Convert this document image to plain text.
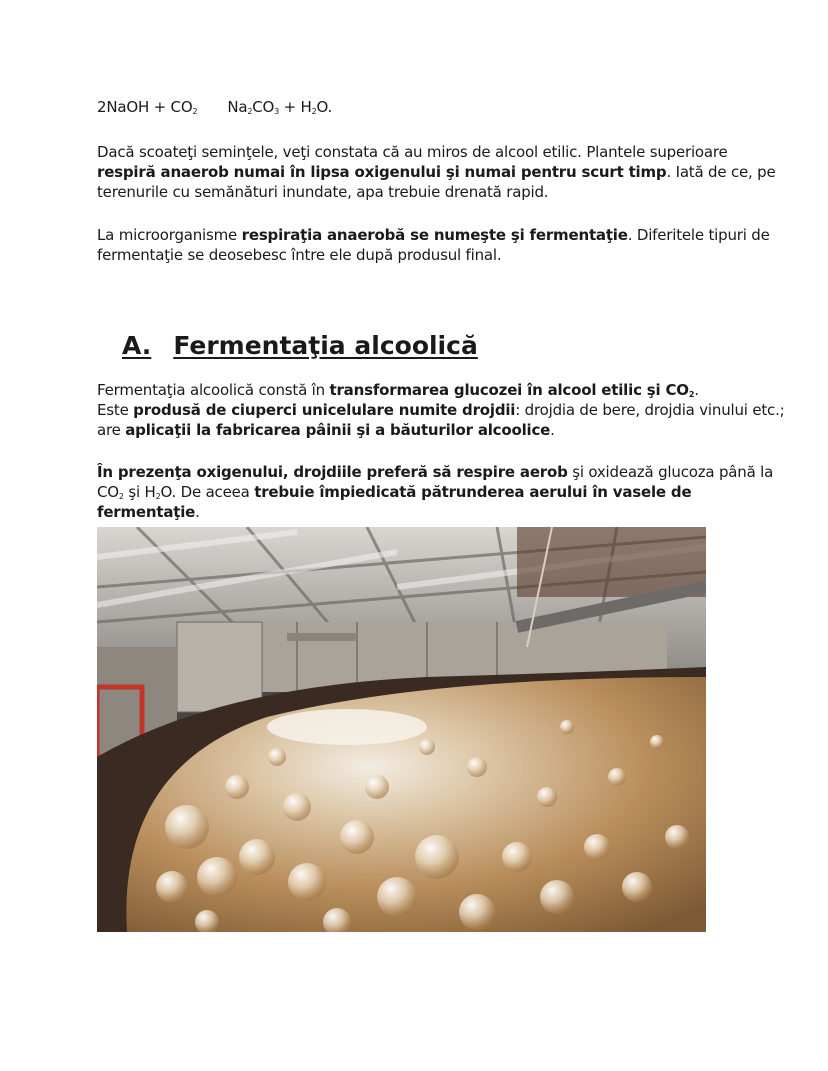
2NaOH + $CO_2$ $Na_2CO_3 + H_2O$.
Dacă scoateţi seminţele, veţi constata că au miros de alcool etilic. Plantele superioare respiră anaerob numai în lipsa oxigenului şi numai pentru scurt timp. Iată de ce, pe terenurile cu semănături inundate, apa trebuie drenată rapid.
La microorganisme respiraţia anaerobă se numeşte şi fermentaţie. Diferitele tipuri de fermentaţie se deosebesc între ele după produsul final.
A. Fermentaţia alcoolică
Fermentaţia alcoolică constă în transformarea glucozei în alcool etilic şi $CO_2$.
Este produsă de ciuperci unicelulare numite drojdii: drojdia de bere, drojdia vinului etc.; are aplicaţii la fabricarea pâinii şi a băuturilor alcoolice.
În prezenţa oxigenului, drojdiile preferă să respire aerob şi oxidează glucoza până la $CO_2$ şi $H_2O$. De aceea trebuie împiedicată pătrunderea aerului în vasele de fermentaţie.
